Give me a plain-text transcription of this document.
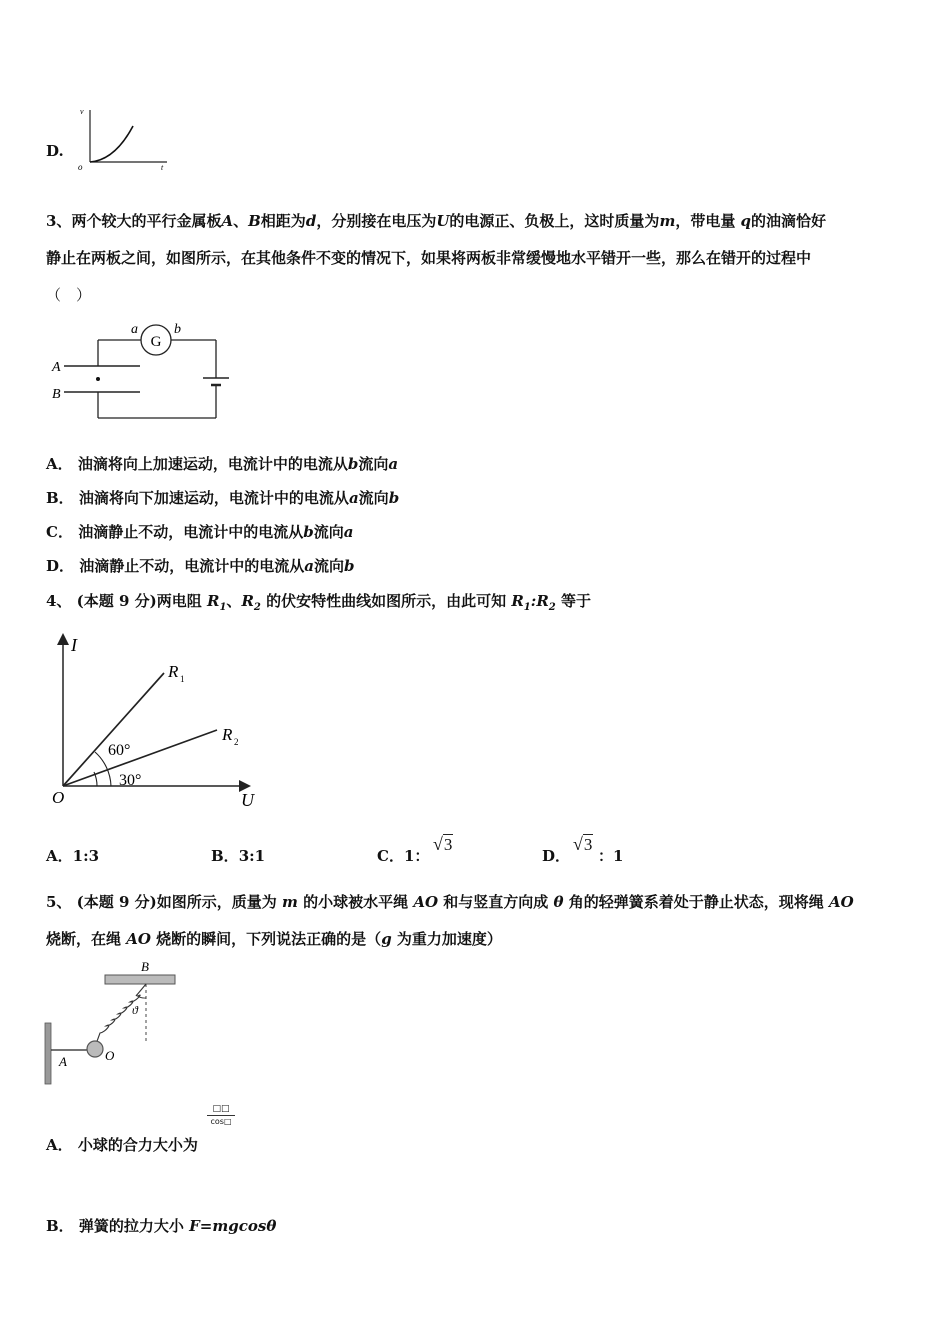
D.
v
o	t
3、两个较大的平行金属板A、B相距为d，分别接在电压为U的电源正、负极上，这时质量为m，带电量 q的油滴恰好
静止在两板之间，如图所示，在其他条件不变的情况下，如果将两板非常缓慢地水平错开一些，那么在错开的过程中
（　）
G
a	b
A
B
A． 油滴将向上加速运动，电流计中的电流从b流向a
B． 油滴将向下加速运动，电流计中的电流从a流向b
C． 油滴静止不动，电流计中的电流从b流向a
D． 油滴静止不动，电流计中的电流从a流向b
4、 (本题 9 分)两电阻 $R_1$、$R_2$ 的伏安特性曲线如图所示，由此可知 $R_1:R_2$ 等于
I
O	U
R 1
R 2
60°
30°
A．1:3	B．3:1	C．1：
√3
D．
√3
：1
5、 (本题 9 分)如图所示，质量为 m 的小球被水平绳 AO 和与竖直方向成 θ 角的轻弹簧系着处于静止状态，现将绳 AO
烧断，在绳 AO 烧断的瞬间，下列说法正确的是（g 为重力加速度）
B
A
ϑ
O
A． 小球的合力大小为
□□
cos□
B． 弹簧的拉力大小 F=mgcosθ
